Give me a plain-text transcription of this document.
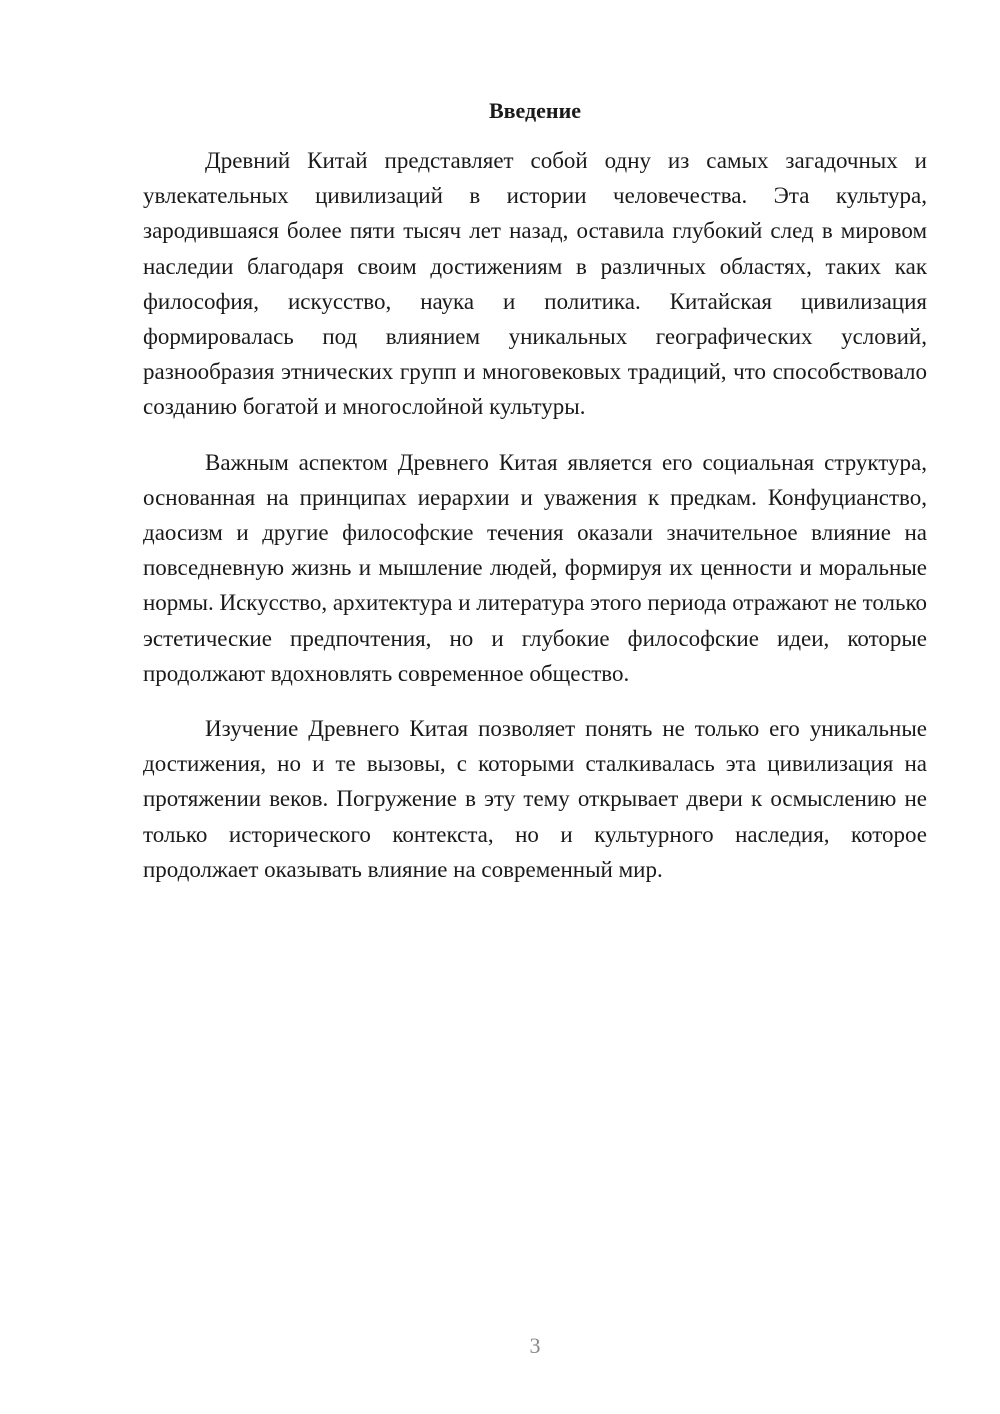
Введение

Древний Китай представляет собой одну из самых загадочных и увлекательных цивилизаций в истории человечества. Эта культура, зародившаяся более пяти тысяч лет назад, оставила глубокий след в мировом наследии благодаря своим достижениям в различных областях, таких как философия, искусство, наука и политика. Китайская цивилизация формировалась под влиянием уникальных географических условий, разнообразия этнических групп и многовековых традиций, что способствовало созданию богатой и многослойной культуры.

Важным аспектом Древнего Китая является его социальная структура, основанная на принципах иерархии и уважения к предкам. Конфуцианство, даосизм и другие философские течения оказали значительное влияние на повседневную жизнь и мышление людей, формируя их ценности и моральные нормы. Искусство, архитектура и литература этого периода отражают не только эстетические предпочтения, но и глубокие философские идеи, которые продолжают вдохновлять современное общество.

Изучение Древнего Китая позволяет понять не только его уникальные достижения, но и те вызовы, с которыми сталкивалась эта цивилизация на протяжении веков. Погружение в эту тему открывает двери к осмыслению не только исторического контекста, но и культурного наследия, которое продолжает оказывать влияние на современный мир.

3
